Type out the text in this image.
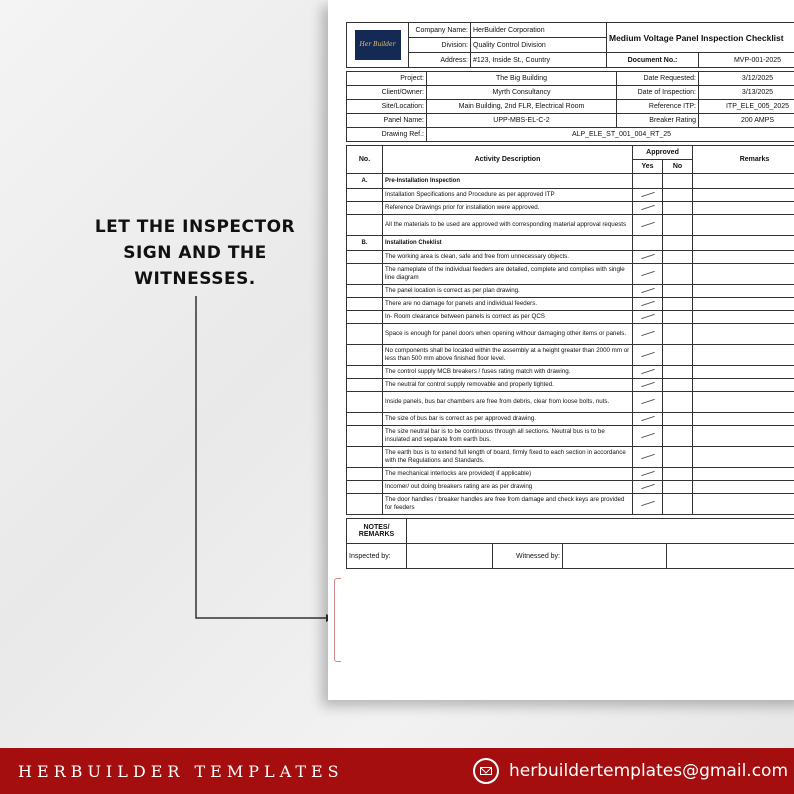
LET THE INSPECTOR
SIGN AND THE
WITNESSES.
Her Builder	Company Name:	HerBuilder Corporation	Medium Voltage Panel Inspection Checklist	
	Division:	Quality Control Division		
	Address:	#123, Inside St., Country	Document No.:	MVP-001-2025
Project:	The Big Building	Date Requested:	3/12/2025
Client/Owner:	Myrth Consultancy	Date of Inspection:	3/13/2025
Site/Location:	Main Building, 2nd FLR, Electrical Room	Reference ITP:	ITP_ELE_005_2025
Panel Name:	UPP-MBS-EL-C-2	Breaker Rating	200 AMPS
Drawing Ref.:	ALP_ELE_ST_001_004_RT_25		
No.	Activity Description	Approved		Remarks
		Yes	No	
A.	Pre-Installation Inspection			
	Installation Specifications and Procedure as per approved ITP			
	Reference Drawings prior for installation were approved.			
	All the materials to be used are approved with corresponding material approval requests			
B.	Installation Cheklist			
	The working area is clean, safe and free from unnecessary objects.			
	The nameplate of the individual feeders are detailed, complete and complies with single line diagram			
	The panel location is correct as per plan drawing.			
	There are no damage for panels and individual feeders.			
	In- Room clearance between panels is correct as per QCS			
	Space is enough for panel doors when opening withour damaging other items or panels.			
	No components shall be located within the assembly at a height greater than 2000 mm or less than 500 mm above finished floor level.			
	The control supply MCB breakers / fuses rating match with drawing.			
	The neutral for control supply removable and properly tighted.			
	Inside panels, bus bar chambers are free from debris, clear from loose bolts, nuts.			
	The size of bus bar is correct as per approved drawing.			
	The size neutral bar is to be continuous through all sections. Neutral bus is to be insulated and separate from earth bus.			
	The earth bus is to extend full length of board, firmly fixed to each section in accordance with the Regulations and Standards.			
	The mechanical interlocks are provided( if applicable)			
	Incomer/ out doing breakers rating are as per drawing			
	The door handles / breaker handles are free from damage and check keys are provided for feeders			
NOTES/
REMARKS				
Inspected by:		Witnessed by:		
HERBUILDER TEMPLATES	herbuildertemplates@gmail.com
